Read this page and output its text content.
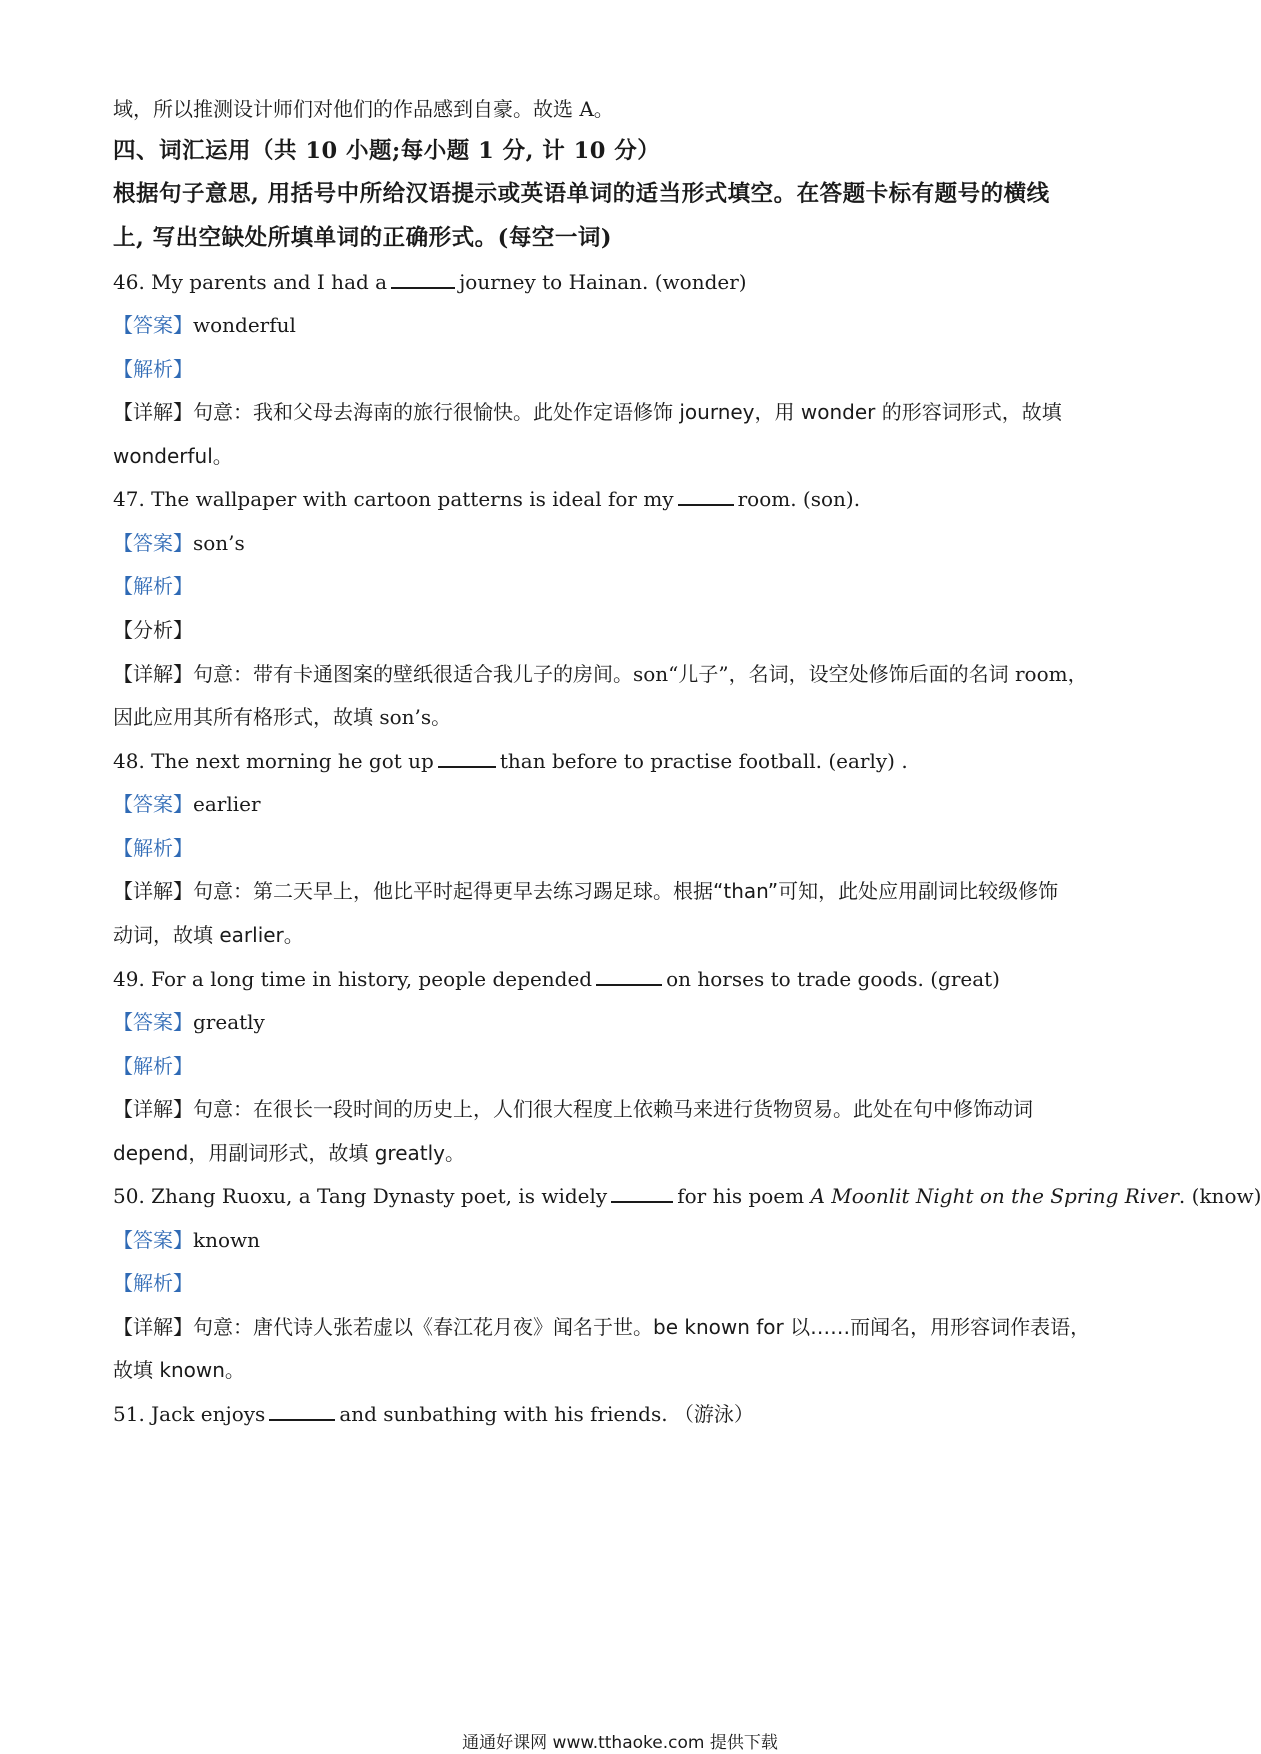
域，所以推测设计师们对他们的作品感到自豪。故选 A。
四、词汇运用（共 10 小题;每小题 1 分, 计 10 分）
根据句子意思, 用括号中所给汉语提示或英语单词的适当形式填空。在答题卡标有题号的横线
上, 写出空缺处所填单词的正确形式。(每空一词)
46. My parents and I had a	journey to Hainan. (wonder)
【答案】wonderful
【解析】
【详解】句意：我和父母去海南的旅行很愉快。此处作定语修饰 journey，用 wonder 的形容词形式，故填
wonderful。
47. The wallpaper with cartoon patterns is ideal for my	room. (son).
【答案】son’s
【解析】
【分析】
【详解】句意：带有卡通图案的壁纸很适合我儿子的房间。son“儿子”，名词，设空处修饰后面的名词 room，
因此应用其所有格形式，故填 son’s。
48. The next morning he got up	than before to practise football. (early) .
【答案】earlier
【解析】
【详解】句意：第二天早上，他比平时起得更早去练习踢足球。根据“than”可知，此处应用副词比较级修饰
动词，故填 earlier。
49. For a long time in history, people depended	on horses to trade goods. (great)
【答案】greatly
【解析】
【详解】句意：在很长一段时间的历史上，人们很大程度上依赖马来进行货物贸易。此处在句中修饰动词
depend，用副词形式，故填 greatly。
50. Zhang Ruoxu, a Tang Dynasty poet, is widely	for his poem A Moonlit Night on the Spring River. (know)
【答案】known
【解析】
【详解】句意：唐代诗人张若虚以《春江花月夜》闻名于世。be known for 以……而闻名，用形容词作表语，
故填 known。
51. Jack enjoys	and sunbathing with his friends. （游泳）
通通好课网 www.tthaoke.com 提供下载
